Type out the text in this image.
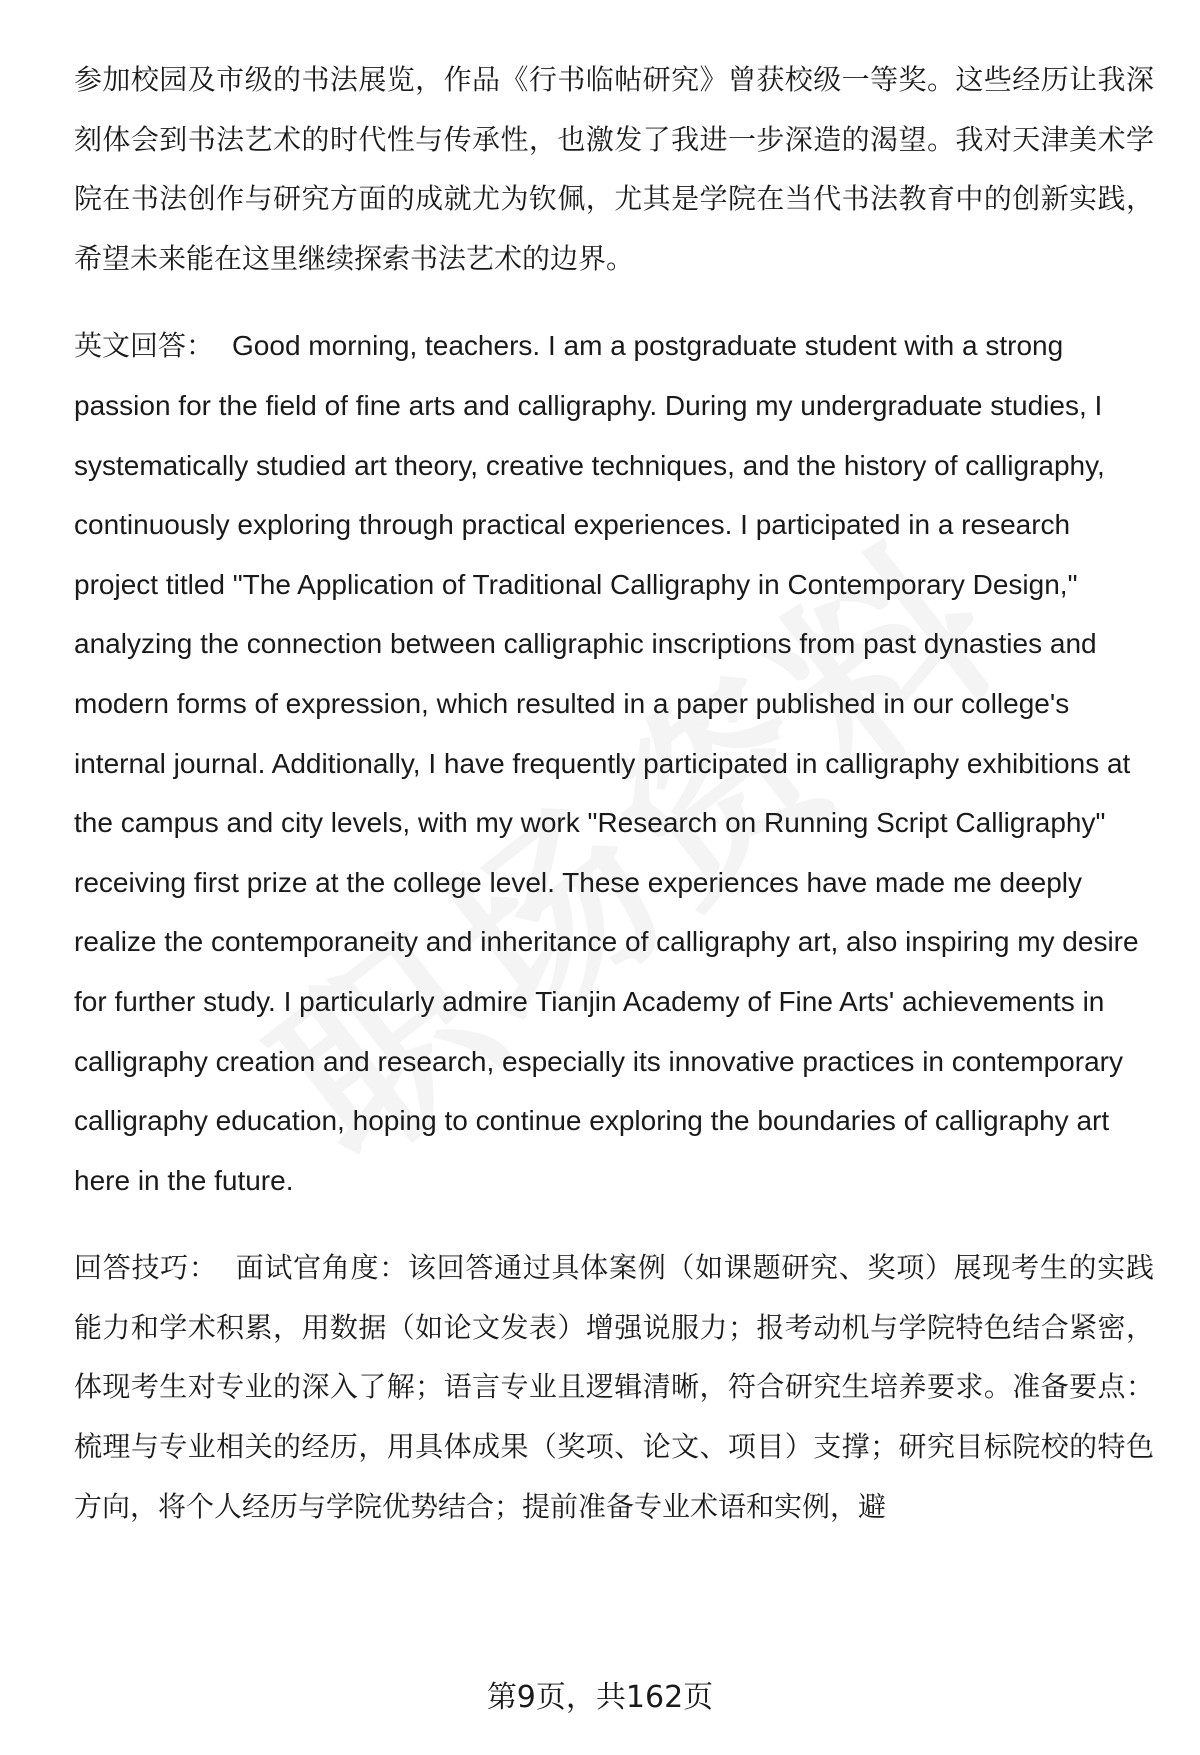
参加校园及市级的书法展览，作品《行书临帖研究》曾获校级一等奖。这些经历让我深刻体会到书法艺术的时代性与传承性，也激发了我进一步深造的渴望。我对天津美术学院在书法创作与研究方面的成就尤为钦佩，尤其是学院在当代书法教育中的创新实践，希望未来能在这里继续探索书法艺术的边界。

英文回答： Good morning, teachers. I am a postgraduate student with a strong passion for the field of fine arts and calligraphy. During my undergraduate studies, I systematically studied art theory, creative techniques, and the history of calligraphy, continuously exploring through practical experiences. I participated in a research project titled "The Application of Traditional Calligraphy in Contemporary Design," analyzing the connection between calligraphic inscriptions from past dynasties and modern forms of expression, which resulted in a paper published in our college's internal journal. Additionally, I have frequently participated in calligraphy exhibitions at the campus and city levels, with my work "Research on Running Script Calligraphy" receiving first prize at the college level. These experiences have made me deeply realize the contemporaneity and inheritance of calligraphy art, also inspiring my desire for further study. I particularly admire Tianjin Academy of Fine Arts' achievements in calligraphy creation and research, especially its innovative practices in contemporary calligraphy education, hoping to continue exploring the boundaries of calligraphy art here in the future.

回答技巧： 面试官角度：该回答通过具体案例（如课题研究、奖项）展现考生的实践能力和学术积累，用数据（如论文发表）增强说服力；报考动机与学院特色结合紧密，体现考生对专业的深入了解；语言专业且逻辑清晰，符合研究生培养要求。准备要点：梳理与专业相关的经历，用具体成果（奖项、论文、项目）支撑；研究目标院校的特色方向，将个人经历与学院优势结合；提前准备专业术语和实例，避

第9页，共162页
